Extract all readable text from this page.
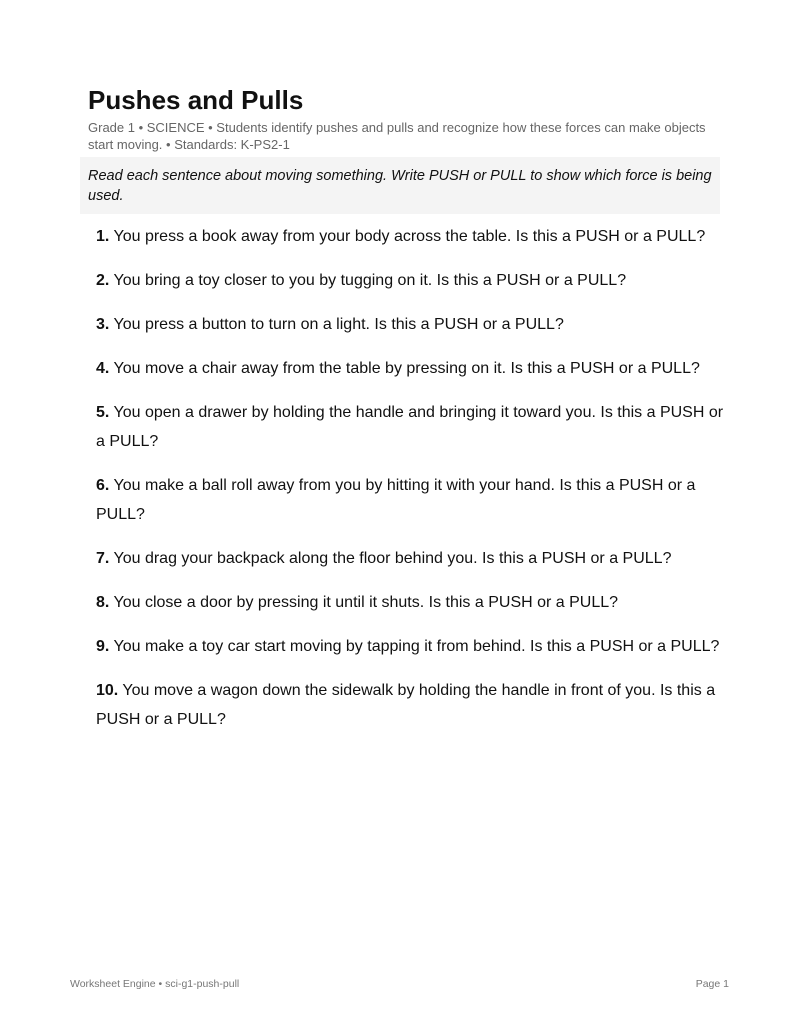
Pushes and Pulls
Grade 1 • SCIENCE • Students identify pushes and pulls and recognize how these forces can make objects start moving. • Standards: K-PS2-1
Read each sentence about moving something. Write PUSH or PULL to show which force is being used.
1. You press a book away from your body across the table. Is this a PUSH or a PULL?
2. You bring a toy closer to you by tugging on it. Is this a PUSH or a PULL?
3. You press a button to turn on a light. Is this a PUSH or a PULL?
4. You move a chair away from the table by pressing on it. Is this a PUSH or a PULL?
5. You open a drawer by holding the handle and bringing it toward you. Is this a PUSH or a PULL?
6. You make a ball roll away from you by hitting it with your hand. Is this a PUSH or a PULL?
7. You drag your backpack along the floor behind you. Is this a PUSH or a PULL?
8. You close a door by pressing it until it shuts. Is this a PUSH or a PULL?
9. You make a toy car start moving by tapping it from behind. Is this a PUSH or a PULL?
10. You move a wagon down the sidewalk by holding the handle in front of you. Is this a PUSH or a PULL?
Worksheet Engine • sci-g1-push-pull	Page 1
